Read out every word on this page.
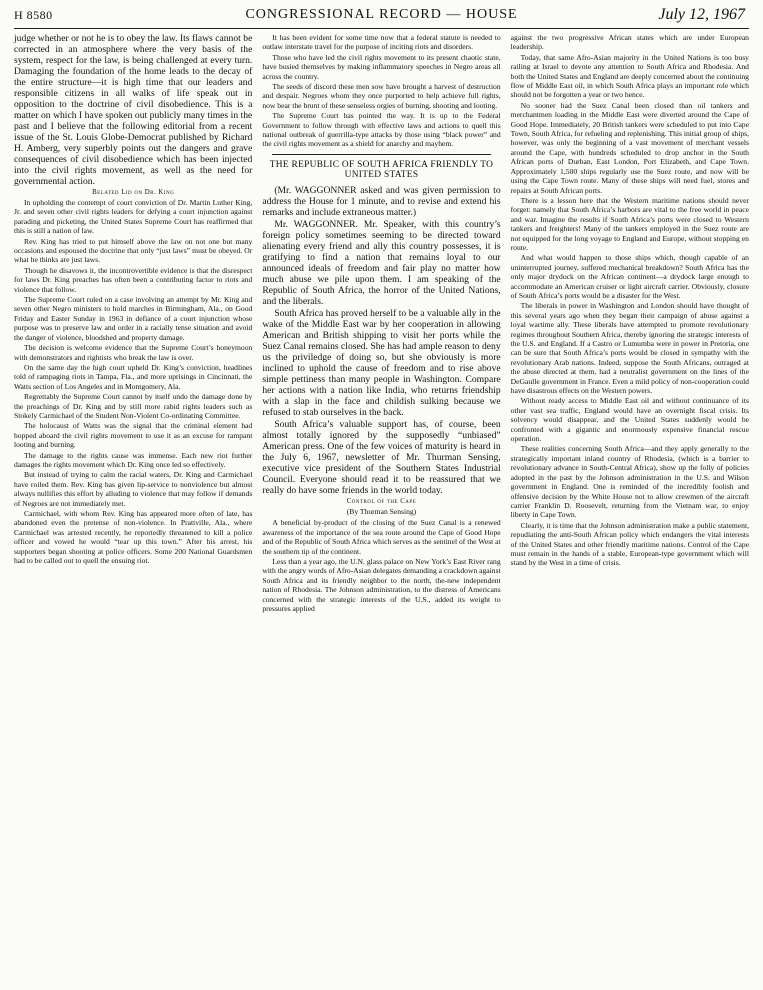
H 8580	CONGRESSIONAL RECORD — HOUSE	July 12, 1967

judge whether or not he is to obey the law. Its flaws cannot be corrected in an atmosphere where the very basis of the system, respect for the law, is being challenged at every turn. Damaging the foundation of the home leads to the decay of the entire structure—it is high time that our leaders and responsible citizens in all walks of life speak out in opposition to the doctrine of civil disobedience. This is a matter on which I have spoken out publicly many times in the past and I believe that the following editorial from a recent issue of the St. Louis Globe-Democrat published by Richard H. Amberg, very superbly points out the dangers and grave consequences of civil disobedience which has been injected into the civil rights movement, as well as the need for governmental action.

Belated Lid on Dr. King

In upholding the contempt of court conviction of Dr. Martin Luther King, Jr. and seven other civil rights leaders for defying a court injunction against parading and picketing, the United States Supreme Court has reaffirmed that this is still a nation of law.

Rev. King has tried to put himself above the law on not one but many occasions and espoused the doctrine that only “just laws” must be obeyed. Or what he thinks are just laws.

Though he disavows it, the incontrovertible evidence is that the disrespect for laws Dr. King preaches has often been a contributing factor to riots and violence that follow.

The Supreme Court ruled on a case involving an attempt by Mr. King and seven other Negro ministers to hold marches in Birmingham, Ala., on Good Friday and Easter Sunday in 1963 in defiance of a court injunction whose purpose was to preserve law and order in a racially tense situation and avoid the danger of violence, bloodshed and property damage.

The decision is welcome evidence that the Supreme Court’s honeymoon with demonstrators and rightists who break the law is over.

On the same day the high court upheld Dr. King’s conviction, headlines told of rampaging riots in Tampa, Fla., and more uprisings in Cincinnati, the Watts section of Los Angeles and in Montgomery, Ala.

Regrettably the Supreme Court cannot by itself undo the damage done by the preachings of Dr. King and by still more rabid rights leaders such as Stokely Carmichael of the Student Non-Violent Co-ordinating Committee.

The holocaust of Watts was the signal that the criminal element had hopped aboard the civil rights movement to use it as an excuse for rampant looting and burning.

The damage to the rights cause was immense. Each new riot further damages the rights movement which Dr. King once led so effectively.

But instead of trying to calm the racial waters, Dr. King and Carmichael have roiled them. Rev. King has given lip-service to nonviolence but almost always nullifies this effort by alluding to violence that may follow if demands of Negroes are not immediately met.

Carmichael, with whom Rev. King has appeared more often of late, has abandoned even the pretense of non-violence. In Prattville, Ala., where Carmichael was arrested recently, he reportedly threatened to kill a police officer and vowed he would “tear up this town.” After his arrest, his supporters began shooting at police officers. Some 200 National Guardsmen had to be called out to quell the ensuing riot.

It has been evident for some time now that a federal statute is needed to outlaw interstate travel for the purpose of inciting riots and disorders.

Those who have led the civil rights movement to its present chaotic state, have busied themselves by making inflammatory speeches in Negro areas all across the country.

The seeds of discord these men sow have brought a harvest of destruction and despair. Negroes whom they once purported to help achieve full rights, now bear the brunt of these senseless orgies of burning, shooting and looting.

The Supreme Court has pointed the way. It is up to the Federal Government to follow through with effective laws and actions to quell this national outbreak of guerrilla-type attacks by those using “black power” and the civil rights movement as a shield for anarchy and mayhem.

THE REPUBLIC OF SOUTH AFRICA FRIENDLY TO UNITED STATES

(Mr. WAGGONNER asked and was given permission to address the House for 1 minute, and to revise and extend his remarks and include extraneous matter.)

Mr. WAGGONNER. Mr. Speaker, with this country’s foreign policy sometimes seeming to be directed toward alienating every friend and ally this country possesses, it is gratifying to find a nation that remains loyal to our announced ideals of freedom and fair play no matter how much abuse we pile upon them. I am speaking of the Republic of South Africa, the horror of the United Nations, and the liberals.

South Africa has proved herself to be a valuable ally in the wake of the Middle East war by her cooperation in allowing American and British shipping to visit her ports while the Suez Canal remains closed. She has had ample reason to deny us the priviledge of doing so, but she obviously is more inclined to uphold the cause of freedom and to rise above simple pettiness than many people in Washington. Compare her actions with a nation like India, who returns friendship with a slap in the face and childish sulking because we refused to stab ourselves in the back.

South Africa’s valuable support has, of course, been almost totally ignored by the supposedly “unbiased” American press. One of the few voices of maturity is heard in the July 6, 1967, newsletter of Mr. Thurman Sensing, executive vice president of the Southern States Industrial Council. Everyone should read it to be reassured that we really do have some friends in the world today.

Control of the Cape
(By Thurman Sensing)

A beneficial by-product of the closing of the Suez Canal is a renewed awareness of the importance of the sea route around the Cape of Good Hope and of the Republic of South Africa which serves as the sentinel of the West at the southern tip of the continent.

Less than a year ago, the U.N. glass palace on New York’s East River rang with the angry words of Afro-Asian delegates demanding a crackdown against South Africa and its friendly neighbor to the north, the-new independent nation of Rhodesia. The Johnson administration, to the distress of Americans concerned with the strategic interests of the U.S., added its weight to pressures applied

against the two progressive African states which are under European leadership.

Today, that same Afro-Asian majority in the United Nations is too busy railing at Israel to devote any attention to South Africa and Rhodesia. And both the United States and England are deeply concerned about the continuing flow of Middle East oil, in which South Africa plays an important role which should not be forgotten a year or two hence.

No sooner had the Suez Canal been closed than oil tankers and merchantmen loading in the Middle East were diverted around the Cape of Good Hope. Immediately, 20 British tankers were scheduled to put into Cape Town, South Africa, for refueling and replenishing. This initial group of ships, however, was only the beginning of a vast movement of merchant vessels around the Cape, with hundreds scheduled to drop anchor in the South African ports of Durban, East London, Port Elizabeth, and Cape Town. Approximately 1,500 ships regularly use the Suez route, and now will be using the Cape Town route. Many of these ships will need fuel, stores and repairs at South African ports.

There is a lesson here that the Western maritime nations should never forget: namely that South Africa’s harbors are vital to the free world in peace and war. Imagine the results if South Africa’s ports were closed to Western tankers and freighters! Many of the tankers employed in the Suez route are not equipped for the long voyage to England and Europe, without stopping en route.

And what would happen to those ships which, though capable of an uninterrupted journey, suffered mechanical breakdown? South Africa has the only major drydock on the African continent—a drydock large enough to accommodate an American cruiser or light aircraft carrier. Obviously, closure of South Africa’s ports would be a disaster for the West.

The liberals in power in Washington and London should have thought of this several years ago when they began their campaign of abuse against a loyal wartime ally. These liberals have attempted to promote revolutionary regimes throughout Southern Africa, thereby ignoring the strategic interests of the U.S. and England. If a Castro or Lumumba were in power in Pretoria, one can be sure that South Africa’s ports would be closed in sympathy with the revolutionary Arab nations. Indeed, suppose the South Africans, outraged at the abuse directed at them, had a neutralist government on the lines of the DeGaulle government in France. Even a mild policy of non-cooperation could have disastrous effects on the Western powers.

Without ready access to Middle East oil and without continuance of its other vast sea traffic, England would have an overnight fiscal crisis. Its solvency would disappear, and the United States suddenly would be confronted with a gigantic and enormously expensive financial rescue operation.

These realities concerning South Africa—and they apply generally to the strategically important inland country of Rhodesia, (which is a barrier to revolutionary advance in South-Central Africa), show up the folly of policies adopted in the past by the Johnson administration in the U.S. and Wilson government in England. One is reminded of the incredibly foolish and offensive decision by the White House not to allow crewmen of the aircraft carrier Franklin D. Roosevelt, returning from the Vietnam war, to enjoy liberty in Cape Town.

Clearly, it is time that the Johnson administration make a public statement, repudiating the anti-South African policy which endangers the vital interests of the United States and other friendly maritime nations. Control of the Cape must remain in the hands of a stable, European-type government which will stand by the West in a time of crisis.
